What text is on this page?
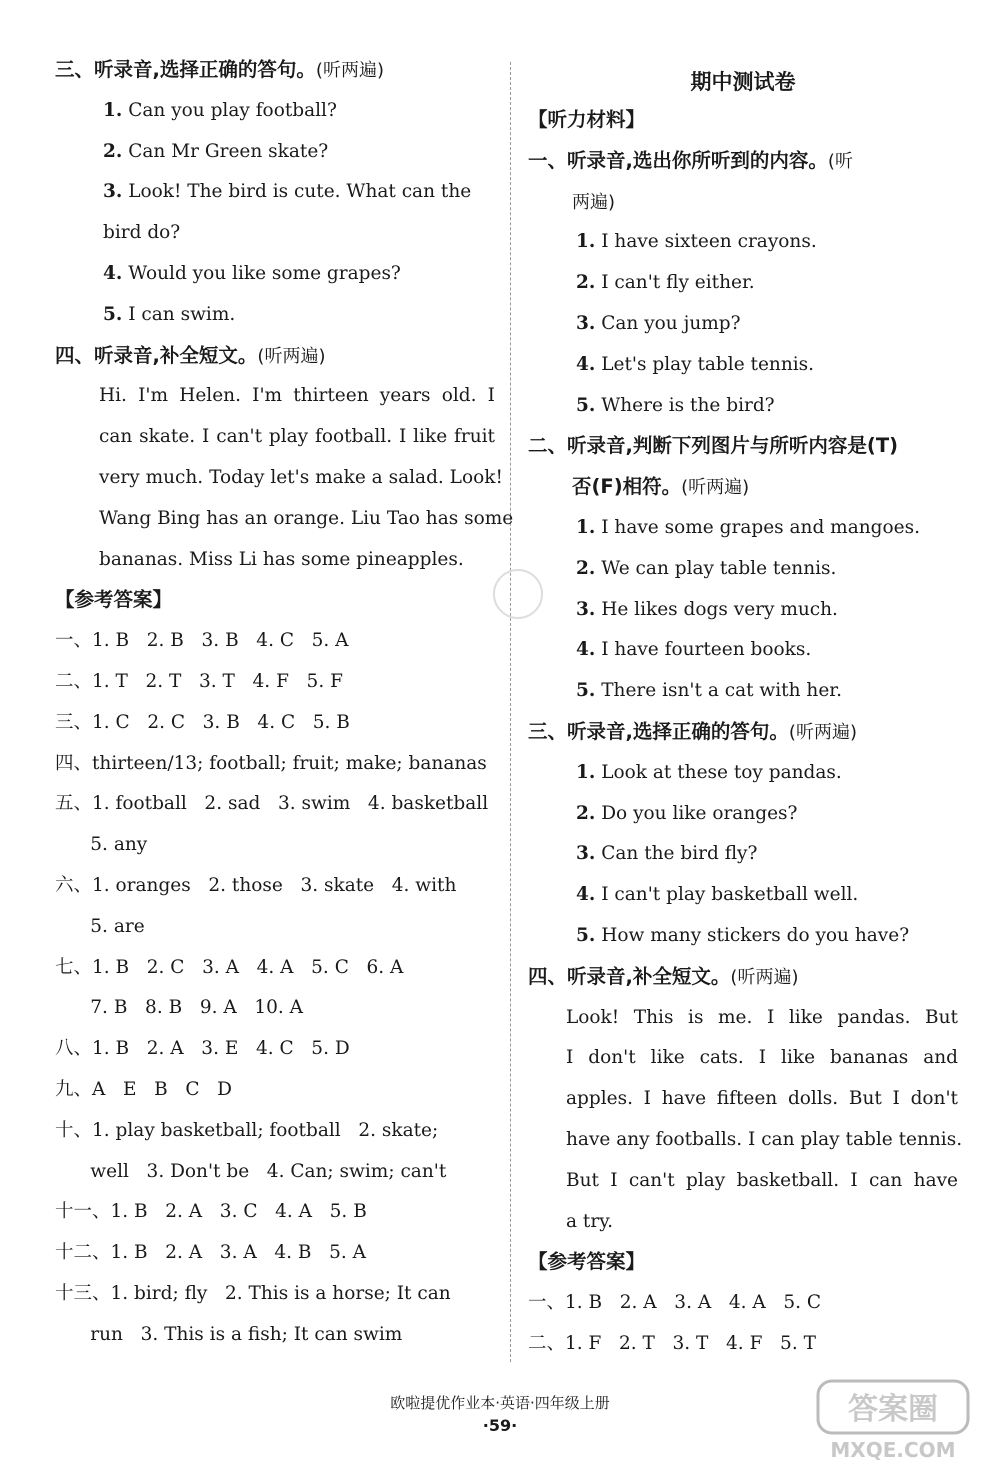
三、听录音,选择正确的答句。(听两遍)
1. Can you play football?
2. Can Mr Green skate?
3. Look! The bird is cute. What can the
bird do?
4. Would you like some grapes?
5. I can swim.
四、听录音,补全短文。(听两遍)
Hi. I'm Helen. I'm thirteen years old. I
can skate. I can't play football. I like fruit
very much. Today let's make a salad. Look!
Wang Bing has an orange. Liu Tao has some
bananas. Miss Li has some pineapples.
【参考答案】
一、1. B   2. B   3. B   4. C   5. A
二、1. T   2. T   3. T   4. F   5. F
三、1. C   2. C   3. B   4. C   5. B
四、thirteen/13; football; fruit; make; bananas
五、1. football   2. sad   3. swim   4. basketball
5. any
六、1. oranges   2. those   3. skate   4. with
5. are
七、1. B   2. C   3. A   4. A   5. C   6. A
7. B   8. B   9. A   10. A
八、1. B   2. A   3. E   4. C   5. D
九、A   E   B   C   D
十、1. play basketball; football   2. skate;
well   3. Don't be   4. Can; swim; can't
十一、1. B   2. A   3. C   4. A   5. B
十二、1. B   2. A   3. A   4. B   5. A
十三、1. bird; fly   2. This is a horse; It can
run   3. This is a fish; It can swim
期中测试卷
【听力材料】
一、听录音,选出你所听到的内容。(听
两遍)
1. I have sixteen crayons.
2. I can't fly either.
3. Can you jump?
4. Let's play table tennis.
5. Where is the bird?
二、听录音,判断下列图片与所听内容是(T)
否(F)相符。(听两遍)
1. I have some grapes and mangoes.
2. We can play table tennis.
3. He likes dogs very much.
4. I have fourteen books.
5. There isn't a cat with her.
三、听录音,选择正确的答句。(听两遍)
1. Look at these toy pandas.
2. Do you like oranges?
3. Can the bird fly?
4. I can't play basketball well.
5. How many stickers do you have?
四、听录音,补全短文。(听两遍)
Look! This is me. I like pandas. But
I don't like cats. I like bananas and
apples. I have fifteen dolls. But I don't
have any footballs. I can play table tennis.
But I can't play basketball. I can have
a try.
【参考答案】
一、1. B   2. A   3. A   4. A   5. C
二、1. F   2. T   3. T   4. F   5. T
欧啦提优作业本·英语·四年级上册
·59·	答案圈
MXQE.COM
